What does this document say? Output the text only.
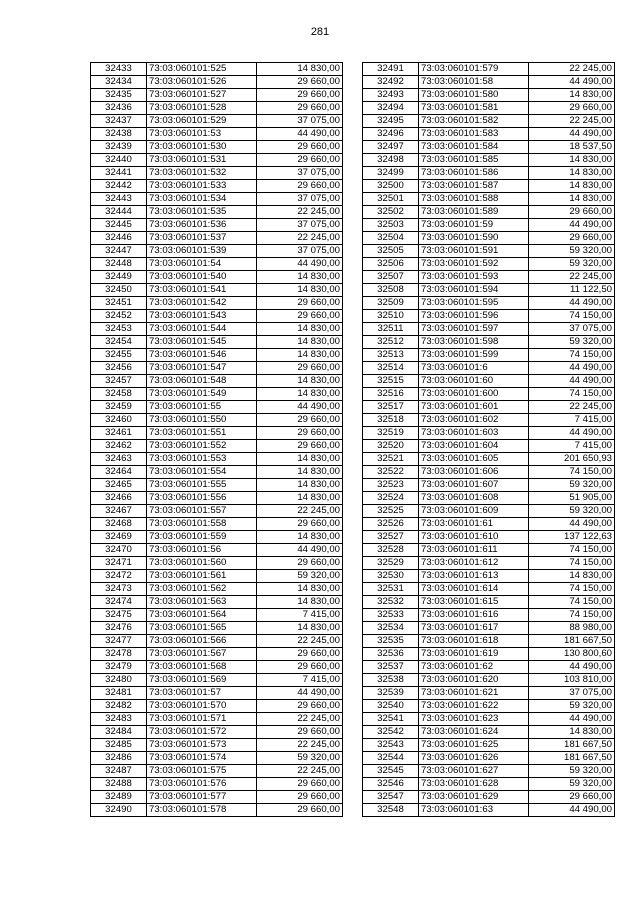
281
32433	73:03:060101:525	14 830,00
32434	73:03:060101:526	29 660,00
32435	73:03:060101:527	29 660,00
32436	73:03:060101:528	29 660,00
32437	73:03:060101:529	37 075,00
32438	73:03:060101:53	44 490,00
32439	73:03:060101:530	29 660,00
32440	73:03:060101:531	29 660,00
32441	73:03:060101:532	37 075,00
32442	73:03:060101:533	29 660,00
32443	73:03:060101:534	37 075,00
32444	73:03:060101:535	22 245,00
32445	73:03:060101:536	37 075,00
32446	73:03:060101:537	22 245,00
32447	73:03:060101:539	37 075,00
32448	73:03:060101:54	44 490,00
32449	73:03:060101:540	14 830,00
32450	73:03:060101:541	14 830,00
32451	73:03:060101:542	29 660,00
32452	73:03:060101:543	29 660,00
32453	73:03:060101:544	14 830,00
32454	73:03:060101:545	14 830,00
32455	73:03:060101:546	14 830,00
32456	73:03:060101:547	29 660,00
32457	73:03:060101:548	14 830,00
32458	73:03:060101:549	14 830,00
32459	73:03:060101:55	44 490,00
32460	73:03:060101:550	29 660,00
32461	73:03:060101:551	29 660,00
32462	73:03:060101:552	29 660,00
32463	73:03:060101:553	14 830,00
32464	73:03:060101:554	14 830,00
32465	73:03:060101:555	14 830,00
32466	73:03:060101:556	14 830,00
32467	73:03:060101:557	22 245,00
32468	73:03:060101:558	29 660,00
32469	73:03:060101:559	14 830,00
32470	73:03:060101:56	44 490,00
32471	73:03:060101:560	29 660,00
32472	73:03:060101:561	59 320,00
32473	73:03:060101:562	14 830,00
32474	73:03:060101:563	14 830,00
32475	73:03:060101:564	7 415,00
32476	73:03:060101:565	14 830,00
32477	73:03:060101:566	22 245,00
32478	73:03:060101:567	29 660,00
32479	73:03:060101:568	29 660,00
32480	73:03:060101:569	7 415,00
32481	73:03:060101:57	44 490,00
32482	73:03:060101:570	29 660,00
32483	73:03:060101:571	22 245,00
32484	73:03:060101:572	29 660,00
32485	73:03:060101:573	22 245,00
32486	73:03:060101:574	59 320,00
32487	73:03:060101:575	22 245,00
32488	73:03:060101:576	29 660,00
32489	73:03:060101:577	29 660,00
32490	73:03:060101:578	29 660,00
32491	73:03:060101:579	22 245,00
32492	73:03:060101:58	44 490,00
32493	73:03:060101:580	14 830,00
32494	73:03:060101:581	29 660,00
32495	73:03:060101:582	22 245,00
32496	73:03:060101:583	44 490,00
32497	73:03:060101:584	18 537,50
32498	73:03:060101:585	14 830,00
32499	73:03:060101:586	14 830,00
32500	73:03:060101:587	14 830,00
32501	73:03:060101:588	14 830,00
32502	73:03:060101:589	29 660,00
32503	73:03:060101:59	44 490,00
32504	73:03:060101:590	29 660,00
32505	73:03:060101:591	59 320,00
32506	73:03:060101:592	59 320,00
32507	73:03:060101:593	22 245,00
32508	73:03:060101:594	11 122,50
32509	73:03:060101:595	44 490,00
32510	73:03:060101:596	74 150,00
32511	73:03:060101:597	37 075,00
32512	73:03:060101:598	59 320,00
32513	73:03:060101:599	74 150,00
32514	73:03:060101:6	44 490,00
32515	73:03:060101:60	44 490,00
32516	73:03:060101:600	74 150,00
32517	73:03:060101:601	22 245,00
32518	73:03:060101:602	7 415,00
32519	73:03:060101:603	44 490,00
32520	73:03:060101:604	7 415,00
32521	73:03:060101:605	201 650,93
32522	73:03:060101:606	74 150,00
32523	73:03:060101:607	59 320,00
32524	73:03:060101:608	51 905,00
32525	73:03:060101:609	59 320,00
32526	73:03:060101:61	44 490,00
32527	73:03:060101:610	137 122,63
32528	73:03:060101:611	74 150,00
32529	73:03:060101:612	74 150,00
32530	73:03:060101:613	14 830,00
32531	73:03:060101:614	74 150,00
32532	73:03:060101:615	74 150,00
32533	73:03:060101:616	74 150,00
32534	73:03:060101:617	88 980,00
32535	73:03:060101:618	181 667,50
32536	73:03:060101:619	130 800,60
32537	73:03:060101:62	44 490,00
32538	73:03:060101:620	103 810,00
32539	73:03:060101:621	37 075,00
32540	73:03:060101:622	59 320,00
32541	73:03:060101:623	44 490,00
32542	73:03:060101:624	14 830,00
32543	73:03:060101:625	181 667,50
32544	73:03:060101:626	181 667,50
32545	73:03:060101:627	59 320,00
32546	73:03:060101:628	59 320,00
32547	73:03:060101:629	29 660,00
32548	73:03:060101:63	44 490,00
